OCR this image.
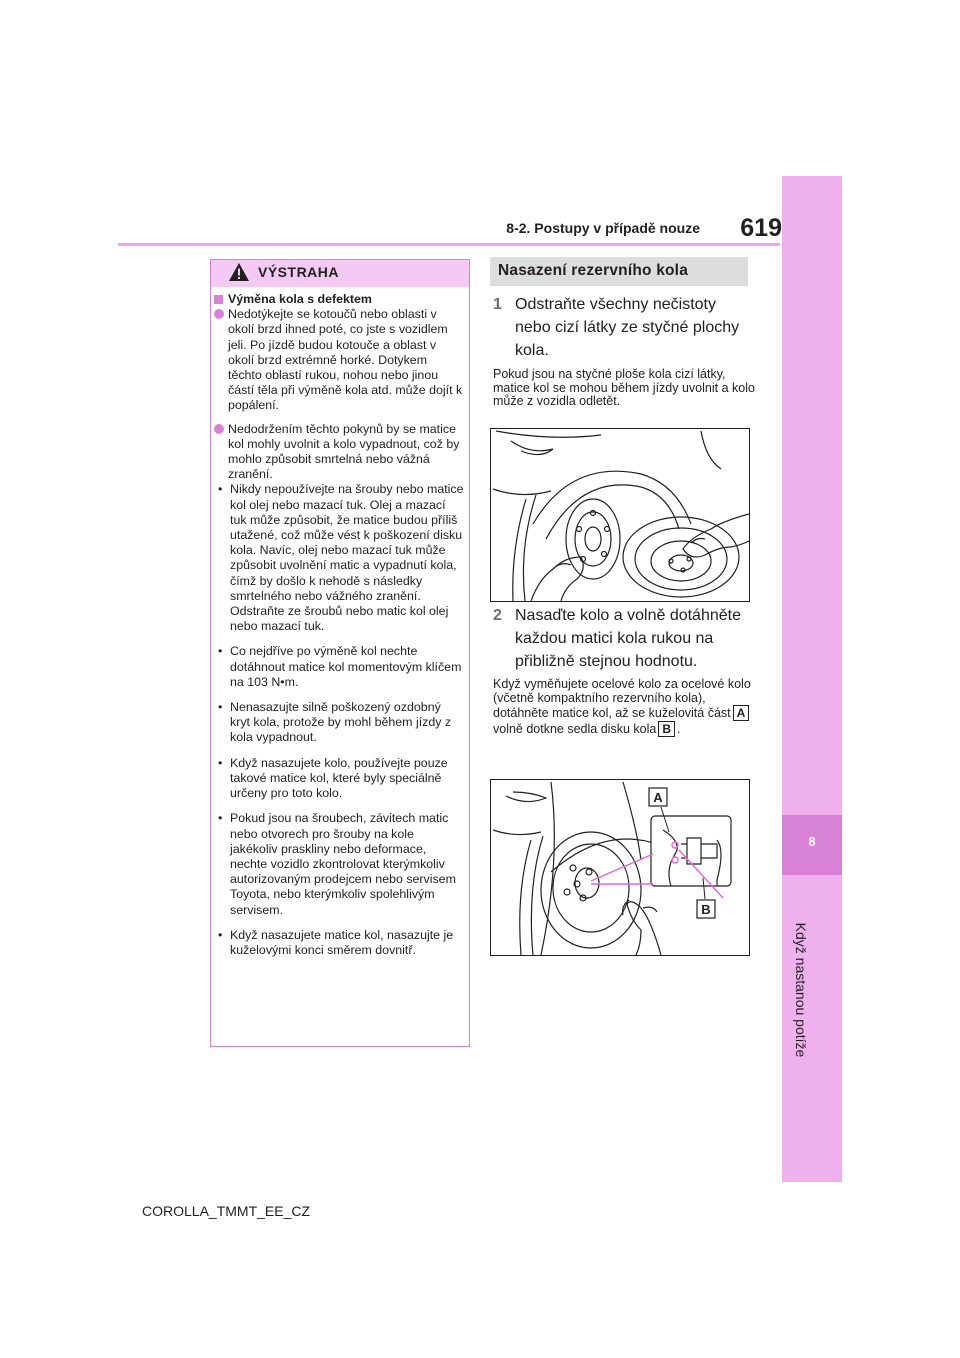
8-2. Postupy v případě nouze	619
8
Když nastanou potíže
VÝSTRAHA
Výměna kola s defektem
Nedotýkejte se kotoučů nebo oblasti v okolí brzd ihned poté, co jste s vozidlem jeli. Po jízdě budou kotouče a oblast v okolí brzd extrémně horké. Dotykem těchto oblastí rukou, nohou nebo jinou částí těla při výměně kola atd. může dojít k popálení.
Nedodržením těchto pokynů by se matice kol mohly uvolnit a kolo vypadnout, což by mohlo způsobit smrtelná nebo vážná zranění.
• Nikdy nepoužívejte na šrouby nebo matice kol olej nebo mazací tuk. Olej a mazací tuk může způsobit, že matice budou příliš utažené, což může vést k poškození disku kola. Navíc, olej nebo mazací tuk může způsobit uvolnění matic a vypadnutí kola, čímž by došlo k nehodě s následky smrtelného nebo vážného zranění. Odstraňte ze šroubů nebo matic kol olej nebo mazací tuk.
• Co nejdříve po výměně kol nechte dotáhnout matice kol momentovým klíčem na 103 N•m.
• Nenasazujte silně poškozený ozdobný kryt kola, protože by mohl během jízdy z kola vypadnout.
• Když nasazujete kolo, používejte pouze takové matice kol, které byly speciálně určeny pro toto kolo.
• Pokud jsou na šroubech, závitech matic nebo otvorech pro šrouby na kole jakékoliv praskliny nebo deformace, nechte vozidlo zkontrolovat kterýmkoliv autorizovaným prodejcem nebo servisem Toyota, nebo kterýmkoliv spolehlivým servisem.
• Když nasazujete matice kol, nasazujte je kuželovými konci směrem dovnitř.
Nasazení rezervního kola
1 Odstraňte všechny nečistoty nebo cizí látky ze styčné plochy kola.
Pokud jsou na styčné ploše kola cizí látky, matice kol se mohou během jízdy uvolnit a kolo může z vozidla odletět.
2 Nasaďte kolo a volně dotáhněte každou matici kola rukou na přibližně stejnou hodnotu.
Když vyměňujete ocelové kolo za ocelové kolo (včetně kompaktního rezervního kola), dotáhněte matice kol, až se kuželovitá část Avolně dotkne sedla disku kola B .
A
B
COROLLA_TMMT_EE_CZ
